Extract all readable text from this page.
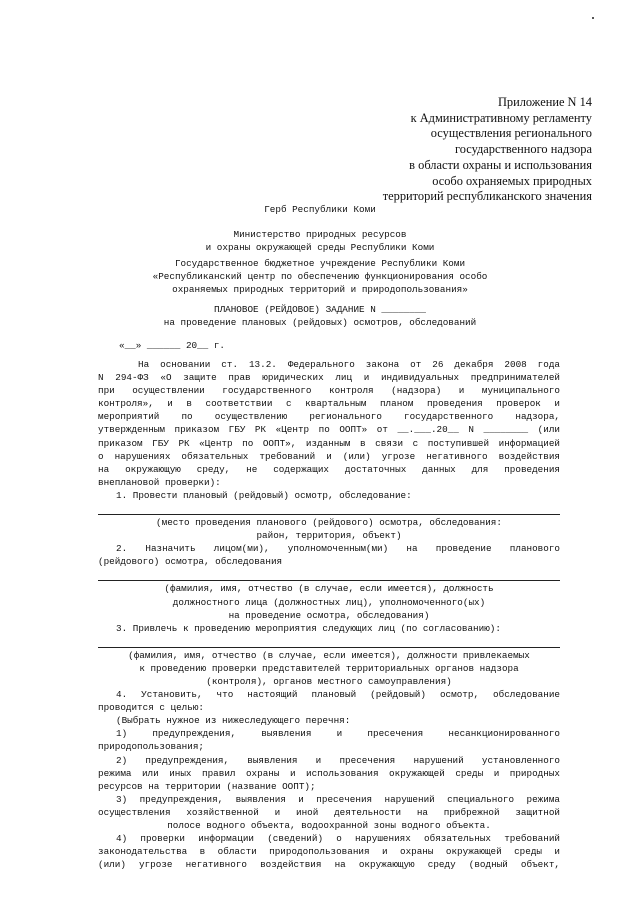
Приложение N 14
к Административному регламенту
осуществления регионального
государственного надзора
в области охраны и использования
особо охраняемых природных
территорий республиканского значения
Герб Республики Коми
Министерство природных ресурсов
и охраны окружающей среды Республики Коми
Государственное бюджетное учреждение Республики Коми
«Республиканский центр по обеспечению функционирования особо
охраняемых природных территорий и природопользования»
ПЛАНОВОЕ (РЕЙДОВОЕ) ЗАДАНИЕ N ________
на проведение плановых (рейдовых) осмотров, обследований
«__» ______ 20__ г.
На основании ст. 13.2. Федерального закона от 26 декабря 2008 года
N 294-ФЗ «О защите прав юридических лиц и индивидуальных предпринимателей
при осуществлении государственного контроля (надзора) и муниципального
контроля», и в соответствии с квартальным планом проведения проверок и
мероприятий по осуществлению регионального государственного надзора,
утвержденным приказом ГБУ РК «Центр по ООПТ» от __.___.20__ N ________ (или
приказом ГБУ РК «Центр по ООПТ», изданным в связи с поступившей информацией
о нарушениях обязательных требований и (или) угрозе негативного воздействия
на окружающую среду, не содержащих достаточных данных для проведения
внеплановой проверки):
1. Провести плановый (рейдовый) осмотр, обследование:
(место проведения планового (рейдового) осмотра, обследования:
район, территория, объект)
2. Назначить лицом(ми), уполномоченным(ми) на проведение планового
(рейдового) осмотра, обследования
(фамилия, имя, отчество (в случае, если имеется), должность
должностного лица (должностных лиц), уполномоченного(ых)
на проведение осмотра, обследования)
3. Привлечь к проведению мероприятия следующих лиц (по согласованию):
(фамилия, имя, отчество (в случае, если имеется), должности привлекаемых
к проведению проверки представителей территориальных органов надзора
(контроля), органов местного самоуправления)
4. Установить, что настоящий плановый (рейдовый) осмотр, обследование
проводится с целью:
(Выбрать нужное из нижеследующего перечня:
1) предупреждения, выявления и пресечения несанкционированного
природопользования;
2) предупреждения, выявления и пресечения нарушений установленного
режима или иных правил охраны и использования окружающей среды и природных
ресурсов на территории (название ООПТ);
3) предупреждения, выявления и пресечения нарушений специального режима
осуществления хозяйственной и иной деятельности на прибрежной защитной
полосе водного объекта, водоохранной зоны водного объекта.
4) проверки информации (сведений) о нарушениях обязательных требований
законодательства в области природопользования и охраны окружающей среды и
(или) угрозе негативного воздействия на окружающую среду (водный объект,
